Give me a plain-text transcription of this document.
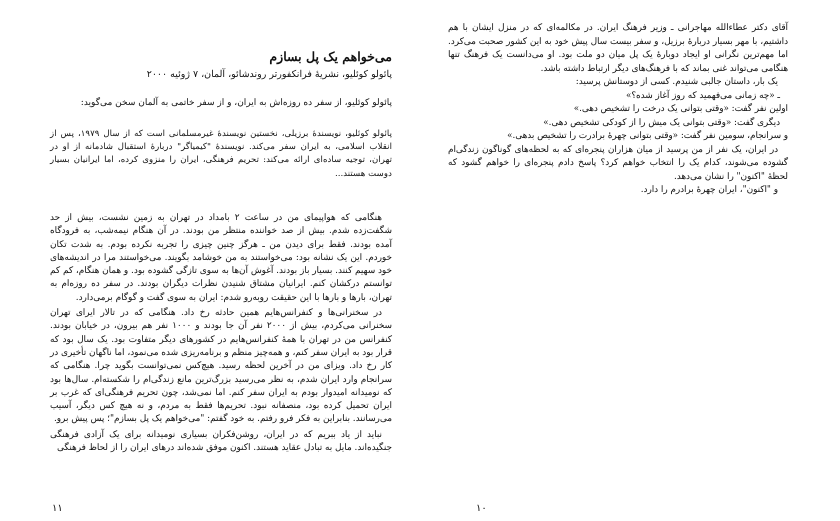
می‌خواهم یک پل بسازم
پائولو کوئلیو، نشریهٔ فرانکفورتر روندشائو، آلمان، ۷ ژوئیه ۲۰۰۰
پائولو کوئلیو، از سفر ده روزه‌اش به ایران، و از سفر خاتمی به آلمان سخن می‌گوید:
پائولو کوئلیو، نویسندهٔ برزیلی، نخستین نویسندهٔ غیرمسلمانی است که از سال ۱۹۷۹، پس از انقلاب اسلامی، به ایران سفر می‌کند. نویسندهٔ "کیمیاگر" دربارهٔ استقبال شادمانه از او در تهران، توجیه ساده‌ای ارائه می‌کند: تحریم فرهنگی، ایران را منزوی کرده، اما ایرانیان بسیار دوست هستند...

هنگامی که هواپیمای من در ساعت ۲ بامداد در تهران به زمین نشست، بیش از حد شگفت‌زده شدم. بیش از صد خواننده منتظر من بودند. در آن هنگام نیمه‌شب، به فرودگاه آمده بودند. فقط برای دیدن من ـ هرگز چنین چیزی را تجربه نکرده بودم. به شدت تکان خوردم. این یک نشانه بود: می‌خواستند به من خوشامد بگویند. می‌خواستند مرا در اندیشه‌های خود سهیم کنند. بسیار باز بودند. آغوش آن‌ها به سوی تازگی گشوده بود. و همان هنگام، کم کم توانستم درکشان کنم. ایرانیان مشتاق شنیدن نظرات دیگران بودند. در سفر ده روزه‌ام به تهران، بارها و بارها با این حقیقت روبه‌رو شدم: ایران به سوی گفت و گوگام برمی‌دارد.

در سخنرانی‌ها و کنفرانس‌هایم همین حادثه رخ داد. هنگامی که در تالار ایرای تهران سخنرانی می‌کردم، بیش از ۲۰۰۰ نفر آن جا بودند و ۱۰۰۰ نفر هم بیرون، در خیابان بودند. کنفرانس من در تهران با همهٔ کنفرانس‌هایم در کشورهای دیگر متفاوت بود. یک سال بود که قرار بود به ایران سفر کنم، و همه‌چیز منظم و برنامه‌ریزی شده می‌نمود، اما ناگهان تأخیری در کار رخ داد. ویزای من در آخرین لحظه رسید. هیچ‌کس نمی‌توانست بگوید چرا. هنگامی که سرانجام وارد ایران شدم، به نظر می‌رسید بزرگ‌ترین مانع زندگی‌ام را شکسته‌ام. سال‌ها بود که نومیدانه امیدوار بودم به ایران سفر کنم. اما نمی‌شد، چون تحریم فرهنگی‌ای که غرب بر ایران تحمیل کرده بود، منصفانه نبود. تحریم‌ها فقط به مردم، و نه هیچ کس دیگر، آسیب می‌رسانند. بنابراین به فکر فرو رفتم. به خود گفتم: "می‌خواهم یک پل بسازم"؛ پس پیش برو.

نباید از یاد ببریم که در ایران، روشن‌فکران بسیاری نومیدانه برای یک آزادی فرهنگی جنگیده‌اند. مایل به تبادل عقاید هستند. اکنون موفق شده‌اند درهای ایران را از لحاظ فرهنگی

۱۱

آقای دکتر عطاءالله مهاجرانی ـ وزیر فرهنگ ایران. در مکالمه‌ای که در منزل ایشان با هم داشتیم، با مهر بسیار دربارهٔ برزیل، و سفر بیست سال پیش خود به این کشور صحبت می‌کرد. اما مهم‌ترین نگرانی او ایجاد دوبارهٔ یک پل میان دو ملت بود. او می‌دانست یک فرهنگ تنها هنگامی می‌تواند غنی بماند که با فرهنگ‌های دیگر ارتباط داشته باشد.

یک بار، داستان جالبی شنیدم. کسی از دوستانش پرسید:

ـ «چه زمانی می‌فهمید که روز آغاز شده؟»

اولین نفر گفت: «وقتی بتوانی یک درخت را تشخیص دهی.»

دیگری گفت: «وقتی بتوانی یک میش را از کودکی تشخیص دهی.»

و سرانجام، سومین نفر گفت: «وقتی بتوانی چهرهٔ برادرت را تشخیص بدهی.»

در ایران، یک نفر از من پرسید از میان هزاران پنجره‌ای که به لحظه‌های گوناگون زندگی‌ام گشوده می‌شوند، کدام یک را انتخاب خواهم کرد؟ پاسخ دادم پنجره‌ای را خواهم گشود که لحظهٔ "اکنون" را نشان می‌دهد.

و "اکنون"، ایران چهرهٔ برادرم را دارد.

۱۰
